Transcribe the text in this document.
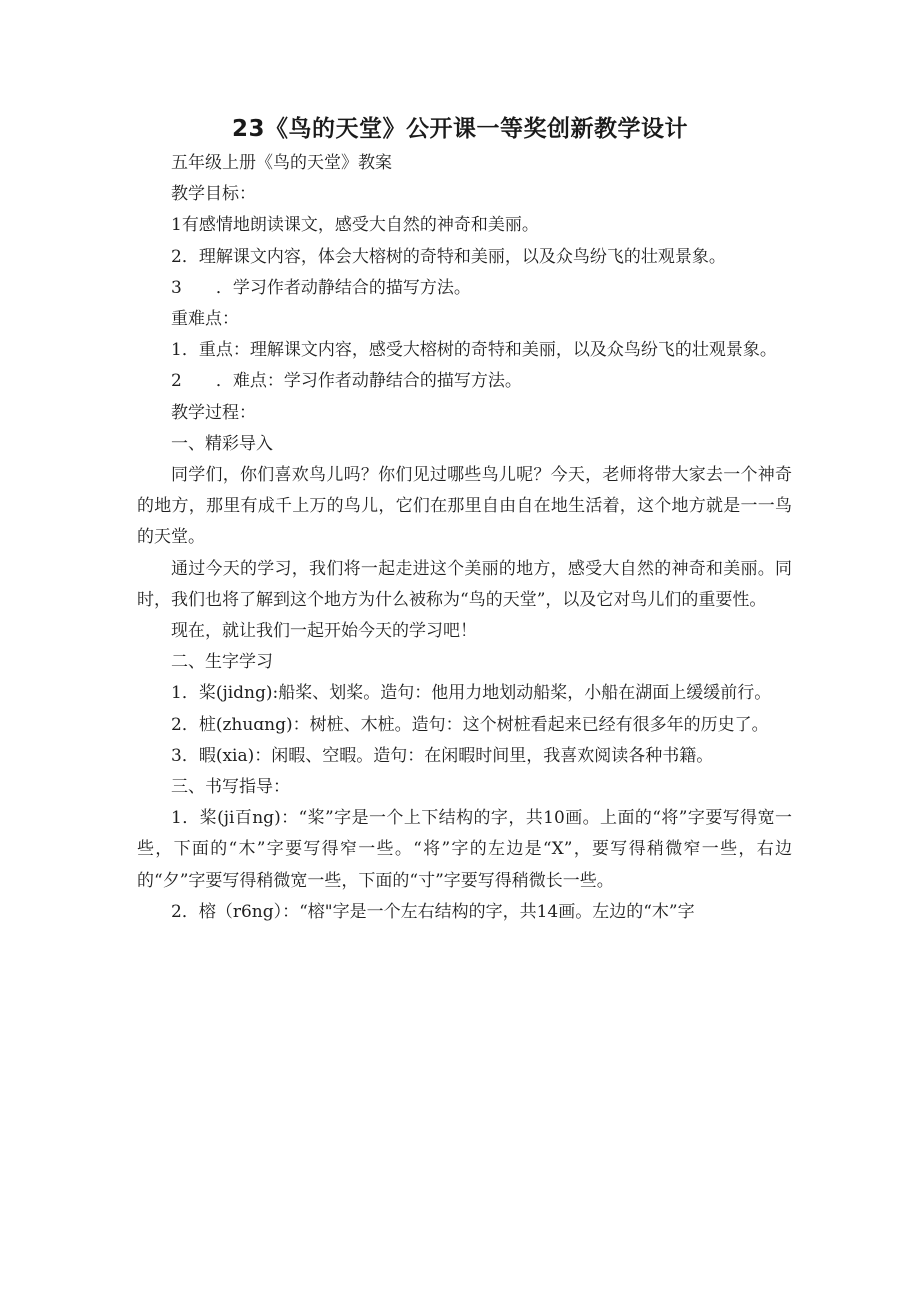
23《鸟的天堂》公开课一等奖创新教学设计

五年级上册《鸟的天堂》教案

教学目标：

1有感情地朗读课文，感受大自然的神奇和美丽。

2．理解课文内容，体会大榕树的奇特和美丽，以及众鸟纷飞的壮观景象。

3　　．学习作者动静结合的描写方法。

重难点：

1．重点：理解课文内容，感受大榕树的奇特和美丽，以及众鸟纷飞的壮观景象。

2　　．难点：学习作者动静结合的描写方法。

教学过程：

一、精彩导入

同学们，你们喜欢鸟儿吗？你们见过哪些鸟儿呢？今天，老师将带大家去一个神奇的地方，那里有成千上万的鸟儿，它们在那里自由自在地生活着，这个地方就是一一鸟的天堂。

通过今天的学习，我们将一起走进这个美丽的地方，感受大自然的神奇和美丽。同时，我们也将了解到这个地方为什么被称为“鸟的天堂”，以及它对鸟儿们的重要性。

现在，就让我们一起开始今天的学习吧！

二、生字学习

1．桨(jidng):船桨、划桨。造句：他用力地划动船桨，小船在湖面上缓缓前行。

2．桩(zhuɑng)：树桩、木桩。造句：这个树桩看起来已经有很多年的历史了。

3．暇(xia)：闲暇、空暇。造句：在闲暇时间里，我喜欢阅读各种书籍。

三、书写指导：

1．桨(ji百ng)：“桨”字是一个上下结构的字，共10画。上面的“将”字要写得宽一些，下面的“木”字要写得窄一些。“将”字的左边是“X”，要写得稍微窄一些，右边的“夕”字要写得稍微宽一些，下面的“寸”字要写得稍微长一些。

2．榕（r6ng）：“榕"字是一个左右结构的字，共14画。左边的“木”字
